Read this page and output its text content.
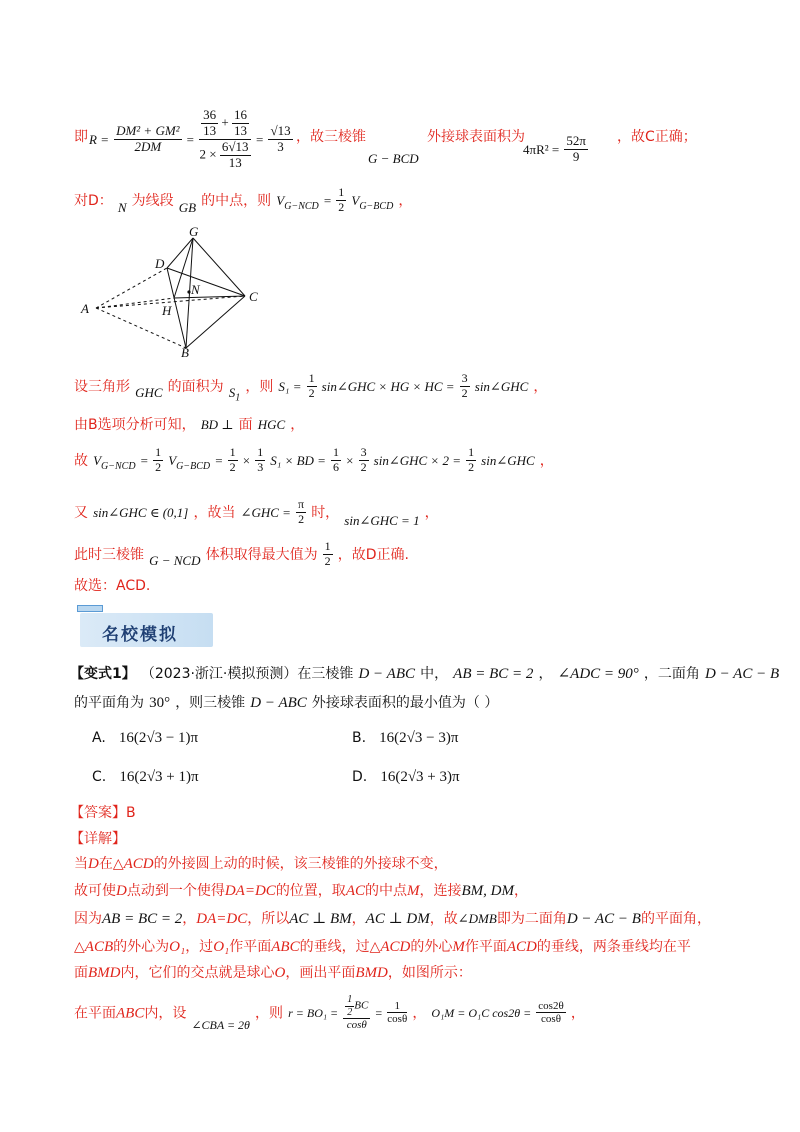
即 $R = \frac{\text{DM² + GM²}}{2DM} = \frac{\frac{36}{13} + \frac{16}{13}}{2 \times \frac{6√13}{13}} = \frac{√13}{3}$ ，故三棱锥
G − BCD
外接球表面积为
$4\pi R^2 = \frac{52\pi}{9}$ ，故C正确；
对D： $_N$ 为线段 $_{GB}$ 的中点，则 $V_{G-NCD} = \frac{1}{2} V_{G-BCD}$ ，
G
D
N	C
A	H
B
设三角形 $_{GHC}$ 的面积为 $_{S_1}$ ，则 $S_1 = \frac{1}{2}$ sin∠GHC × HG × HC = $\frac{3}{2}$ sin∠GHC ，
由B选项分析可知， BD ⊥ 面 HGC ，
故 $V_{G-NCD} = \frac{1}{2} V_{G-BCD} = \frac{1}{2} \times \frac{1}{3} S_1$ × BD = $\frac{1}{6} \times \frac{3}{2}$ sin∠GHC × $2 = \frac{1}{2}$ sin∠GHC ，
又 sin∠GHC ∈ (0,1] ，故当 ∠GHC = $\frac{\pi}{2}$ 时， $_{sin\angle GHC = 1}$ ，
此时三棱锥 $_{G - NCD}$ 体积取得最大值为 $\frac{1}{2}$ ，故D正确.
故选：ACD.
名校模拟
【变式1】 （2023·浙江·模拟预测）在三棱锥 D − ABC 中， AB = BC = 2 ， ∠ADC = 90° ，二面角 D − AC − B
的平面角为 30° ，则三棱锥 D − ABC 外接球表面积的最小值为（ ）
A. 16(2√3 − 1)π	B. 16(2√3 − 3)π
C. 16(2√3 + 1)π	D. 16(2√3 + 3)π
【答案】B
【详解】
当D在△ACD的外接圆上动的时候，该三棱锥的外接球不变，
故可使D点动到一个使得DA=DC的位置，取AC的中点M，连接BM, DM，
因为AB = BC = 2，DA=DC，所以AC ⊥ BM，AC ⊥ DM，故∠DMB即为二面角D − AC − B的平面角，
△ACB的外心为O₁，过O₁作平面ABC的垂线，过△ACD的外心M作平面ACD的垂线，两条垂线均在平
面BMD内，它们的交点就是球心O，画出平面BMD，如图所示：
在平面ABC内，设 $_{\angle CBA = 2\theta}$ ，则 $r = BO_1 = \frac{\frac{1}{2} BC}{\cos\theta} = \frac{1}{\cos\theta}$ ， O₁M = O₁C $\cos 2\theta = \frac{\cos 2\theta}{\cos\theta}$ ，
